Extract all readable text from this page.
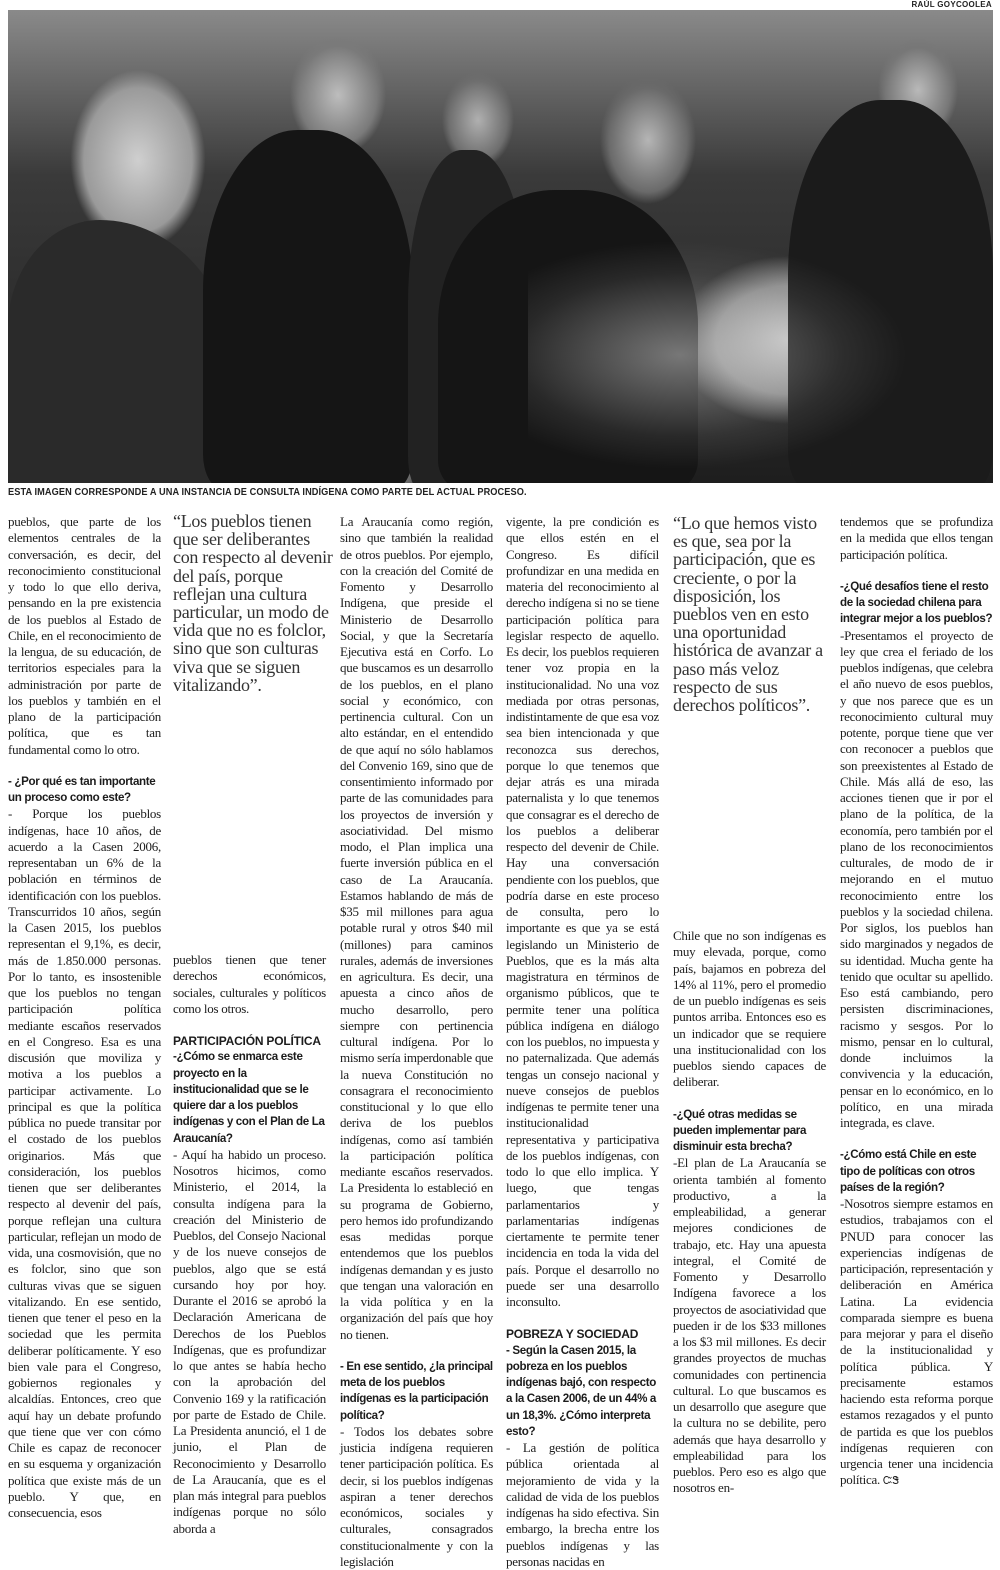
RAÚL GOYCOOLEA
ESTA IMAGEN CORRESPONDE A UNA INSTANCIA DE CONSULTA INDÍGENA COMO PARTE DEL ACTUAL PROCESO.

pueblos, que parte de los elementos centrales de la conversación, es decir, del reconocimiento constitucional y todo lo que ello deriva, pensando en la pre existencia de los pueblos al Estado de Chile, en el reconocimiento de la lengua, de su educación, de territorios especiales para la administración por parte de los pueblos y también en el plano de la participación política, que es tan fundamental como lo otro.

- ¿Por qué es tan importante un proceso como este?

- Porque los pueblos indígenas, hace 10 años, de acuerdo a la Casen 2006, representaban un 6% de la población en términos de identificación con los pueblos. Transcurridos 10 años, según la Casen 2015, los pueblos representan el 9,1%, es decir, más de 1.850.000 personas. Por lo tanto, es insostenible que los pueblos no tengan participación política mediante escaños reservados en el Congreso. Esa es una discusión que moviliza y motiva a los pueblos a participar activamente. Lo principal es que la política pública no puede transitar por el costado de los pueblos originarios. Más que consideración, los pueblos tienen que ser deliberantes respecto al devenir del país, porque reflejan una cultura particular, reflejan un modo de vida, una cosmovisión, que no es folclor, sino que son culturas vivas que se siguen vitalizando. En ese sentido, tienen que tener el peso en la sociedad que les permita deliberar políticamente. Y eso bien vale para el Congreso, gobiernos regionales y alcaldías. Entonces, creo que aquí hay un debate profundo que tiene que ver con cómo Chile es capaz de reconocer en su esquema y organización política que existe más de un pueblo. Y que, en consecuencia, esos

“Los pueblos tienen que ser deliberantes con respecto al devenir del país, porque reflejan una cultura particular, un modo de vida que no es folclor, sino que son culturas viva que se siguen vitalizando”.

pueblos tienen que tener derechos económicos, sociales, culturales y políticos como los otros.

PARTICIPACIÓN POLÍTICA

-¿Cómo se enmarca este proyecto en la institucionalidad que se le quiere dar a los pueblos indígenas y con el Plan de La Araucanía?

- Aquí ha habido un proceso. Nosotros hicimos, como Ministerio, el 2014, la consulta indígena para la creación del Ministerio de Pueblos, del Consejo Nacional y de los nueve consejos de pueblos, algo que se está cursando hoy por hoy. Durante el 2016 se aprobó la Declaración Americana de Derechos de los Pueblos Indígenas, que es profundizar lo que antes se había hecho con la aprobación del Convenio 169 y la ratificación por parte de Estado de Chile. La Presidenta anunció, el 1 de junio, el Plan de Reconocimiento y Desarrollo de La Araucanía, que es el plan más integral para pueblos indígenas porque no sólo aborda a

La Araucanía como región, sino que también la realidad de otros pueblos. Por ejemplo, con la creación del Comité de Fomento y Desarrollo Indígena, que preside el Ministerio de Desarrollo Social, y que la Secretaría Ejecutiva está en Corfo. Lo que buscamos es un desarrollo de los pueblos, en el plano social y económico, con pertinencia cultural. Con un alto estándar, en el entendido de que aquí no sólo hablamos del Convenio 169, sino que de consentimiento informado por parte de las comunidades para los proyectos de inversión y asociatividad. Del mismo modo, el Plan implica una fuerte inversión pública en el caso de La Araucanía. Estamos hablando de más de $35 mil millones para agua potable rural y otros $40 mil (millones) para caminos rurales, además de inversiones en agricultura. Es decir, una apuesta a cinco años de mucho desarrollo, pero siempre con pertinencia cultural indígena. Por lo mismo sería imperdonable que la nueva Constitución no consagrara el reconocimiento constitucional y lo que ello deriva de los pueblos indígenas, como así también la participación política mediante escaños reservados. La Presidenta lo estableció en su programa de Gobierno, pero hemos ido profundizando esas medidas porque entendemos que los pueblos indígenas demandan y es justo que tengan una valoración en la vida política y en la organización del país que hoy no tienen.

- En ese sentido, ¿la principal meta de los pueblos indígenas es la participación política?

- Todos los debates sobre justicia indígena requieren tener participación política. Es decir, si los pueblos indígenas aspiran a tener derechos económicos, sociales y culturales, consagrados constitucionalmente y con la legislación

vigente, la pre condición es que ellos estén en el Congreso. Es difícil profundizar en una medida en materia del reconocimiento al derecho indígena si no se tiene participación política para legislar respecto de aquello. Es decir, los pueblos requieren tener voz propia en la institucionalidad. No una voz mediada por otras personas, indistintamente de que esa voz sea bien intencionada y que reconozca sus derechos, porque lo que tenemos que dejar atrás es una mirada paternalista y lo que tenemos que consagrar es el derecho de los pueblos a deliberar respecto del devenir de Chile. Hay una conversación pendiente con los pueblos, que podría darse en este proceso de consulta, pero lo importante es que ya se está legislando un Ministerio de Pueblos, que es la más alta magistratura en términos de organismo públicos, que te permite tener una política pública indígena en diálogo con los pueblos, no impuesta y no paternalizada. Que además tengas un consejo nacional y nueve consejos de pueblos indígenas te permite tener una institucionalidad representativa y participativa de los pueblos indígenas, con todo lo que ello implica. Y luego, que tengas parlamentarios y parlamentarias indígenas ciertamente te permite tener incidencia en toda la vida del país. Porque el desarrollo no puede ser una desarrollo inconsulto.

POBREZA Y SOCIEDAD

- Según la Casen 2015, la pobreza en los pueblos indígenas bajó, con respecto a la Casen 2006, de un 44% a un 18,3%. ¿Cómo interpreta esto?

- La gestión de política pública orientada al mejoramiento de vida y la calidad de vida de los pueblos indígenas ha sido efectiva. Sin embargo, la brecha entre los pueblos indígenas y las personas nacidas en

“Lo que hemos visto es que, sea por la participación, que es creciente, o por la disposición, los pueblos ven en esto una oportunidad histórica de avanzar a paso más veloz respecto de sus derechos políticos”.

Chile que no son indígenas es muy elevada, porque, como país, bajamos en pobreza del 14% al 11%, pero el promedio de un pueblo indígenas es seis puntos arriba. Entonces eso es un indicador que se requiere una institucionalidad con los pueblos siendo capaces de deliberar.

-¿Qué otras medidas se pueden implementar para disminuir esta brecha?

-El plan de La Araucanía se orienta también al fomento productivo, a la empleabilidad, a generar mejores condiciones de trabajo, etc. Hay una apuesta integral, el Comité de Fomento y Desarrollo Indígena favorece a los proyectos de asociatividad que pueden ir de los $33 millones a los $3 mil millones. Es decir grandes proyectos de muchas comunidades con pertinencia cultural. Lo que buscamos es un desarrollo que asegure que la cultura no se debilite, pero además que haya desarrollo y empleabilidad para los pueblos. Pero eso es algo que nosotros en-

tendemos que se profundiza en la medida que ellos tengan participación política.

-¿Qué desafíos tiene el resto de la sociedad chilena para integrar mejor a los pueblos?

-Presentamos el proyecto de ley que crea el feriado de los pueblos indígenas, que celebra el año nuevo de esos pueblos, y que nos parece que es un reconocimiento cultural muy potente, porque tiene que ver con reconocer a pueblos que son preexistentes al Estado de Chile. Más allá de eso, las acciones tienen que ir por el plano de la política, de la economía, pero también por el plano de los reconocimientos culturales, de modo de ir mejorando en el mutuo reconocimiento entre los pueblos y la sociedad chilena. Por siglos, los pueblos han sido marginados y negados de su identidad. Mucha gente ha tenido que ocultar su apellido. Eso está cambiando, pero persisten discriminaciones, racismo y sesgos. Por lo mismo, pensar en lo cultural, donde incluimos la convivencia y la educación, pensar en lo económico, en lo político, en una mirada integrada, es clave.

-¿Cómo está Chile en este tipo de políticas con otros países de la región?

-Nosotros siempre estamos en estudios, trabajamos con el PNUD para conocer las experiencias indígenas de participación, representación y deliberación en América Latina. La evidencia comparada siempre es buena para mejorar y para el diseño de la institucionalidad y política pública. Y precisamente estamos haciendo esta reforma porque estamos rezagados y el punto de partida es que los pueblos indígenas requieren con urgencia tener una incidencia política. ᏨᏕ
